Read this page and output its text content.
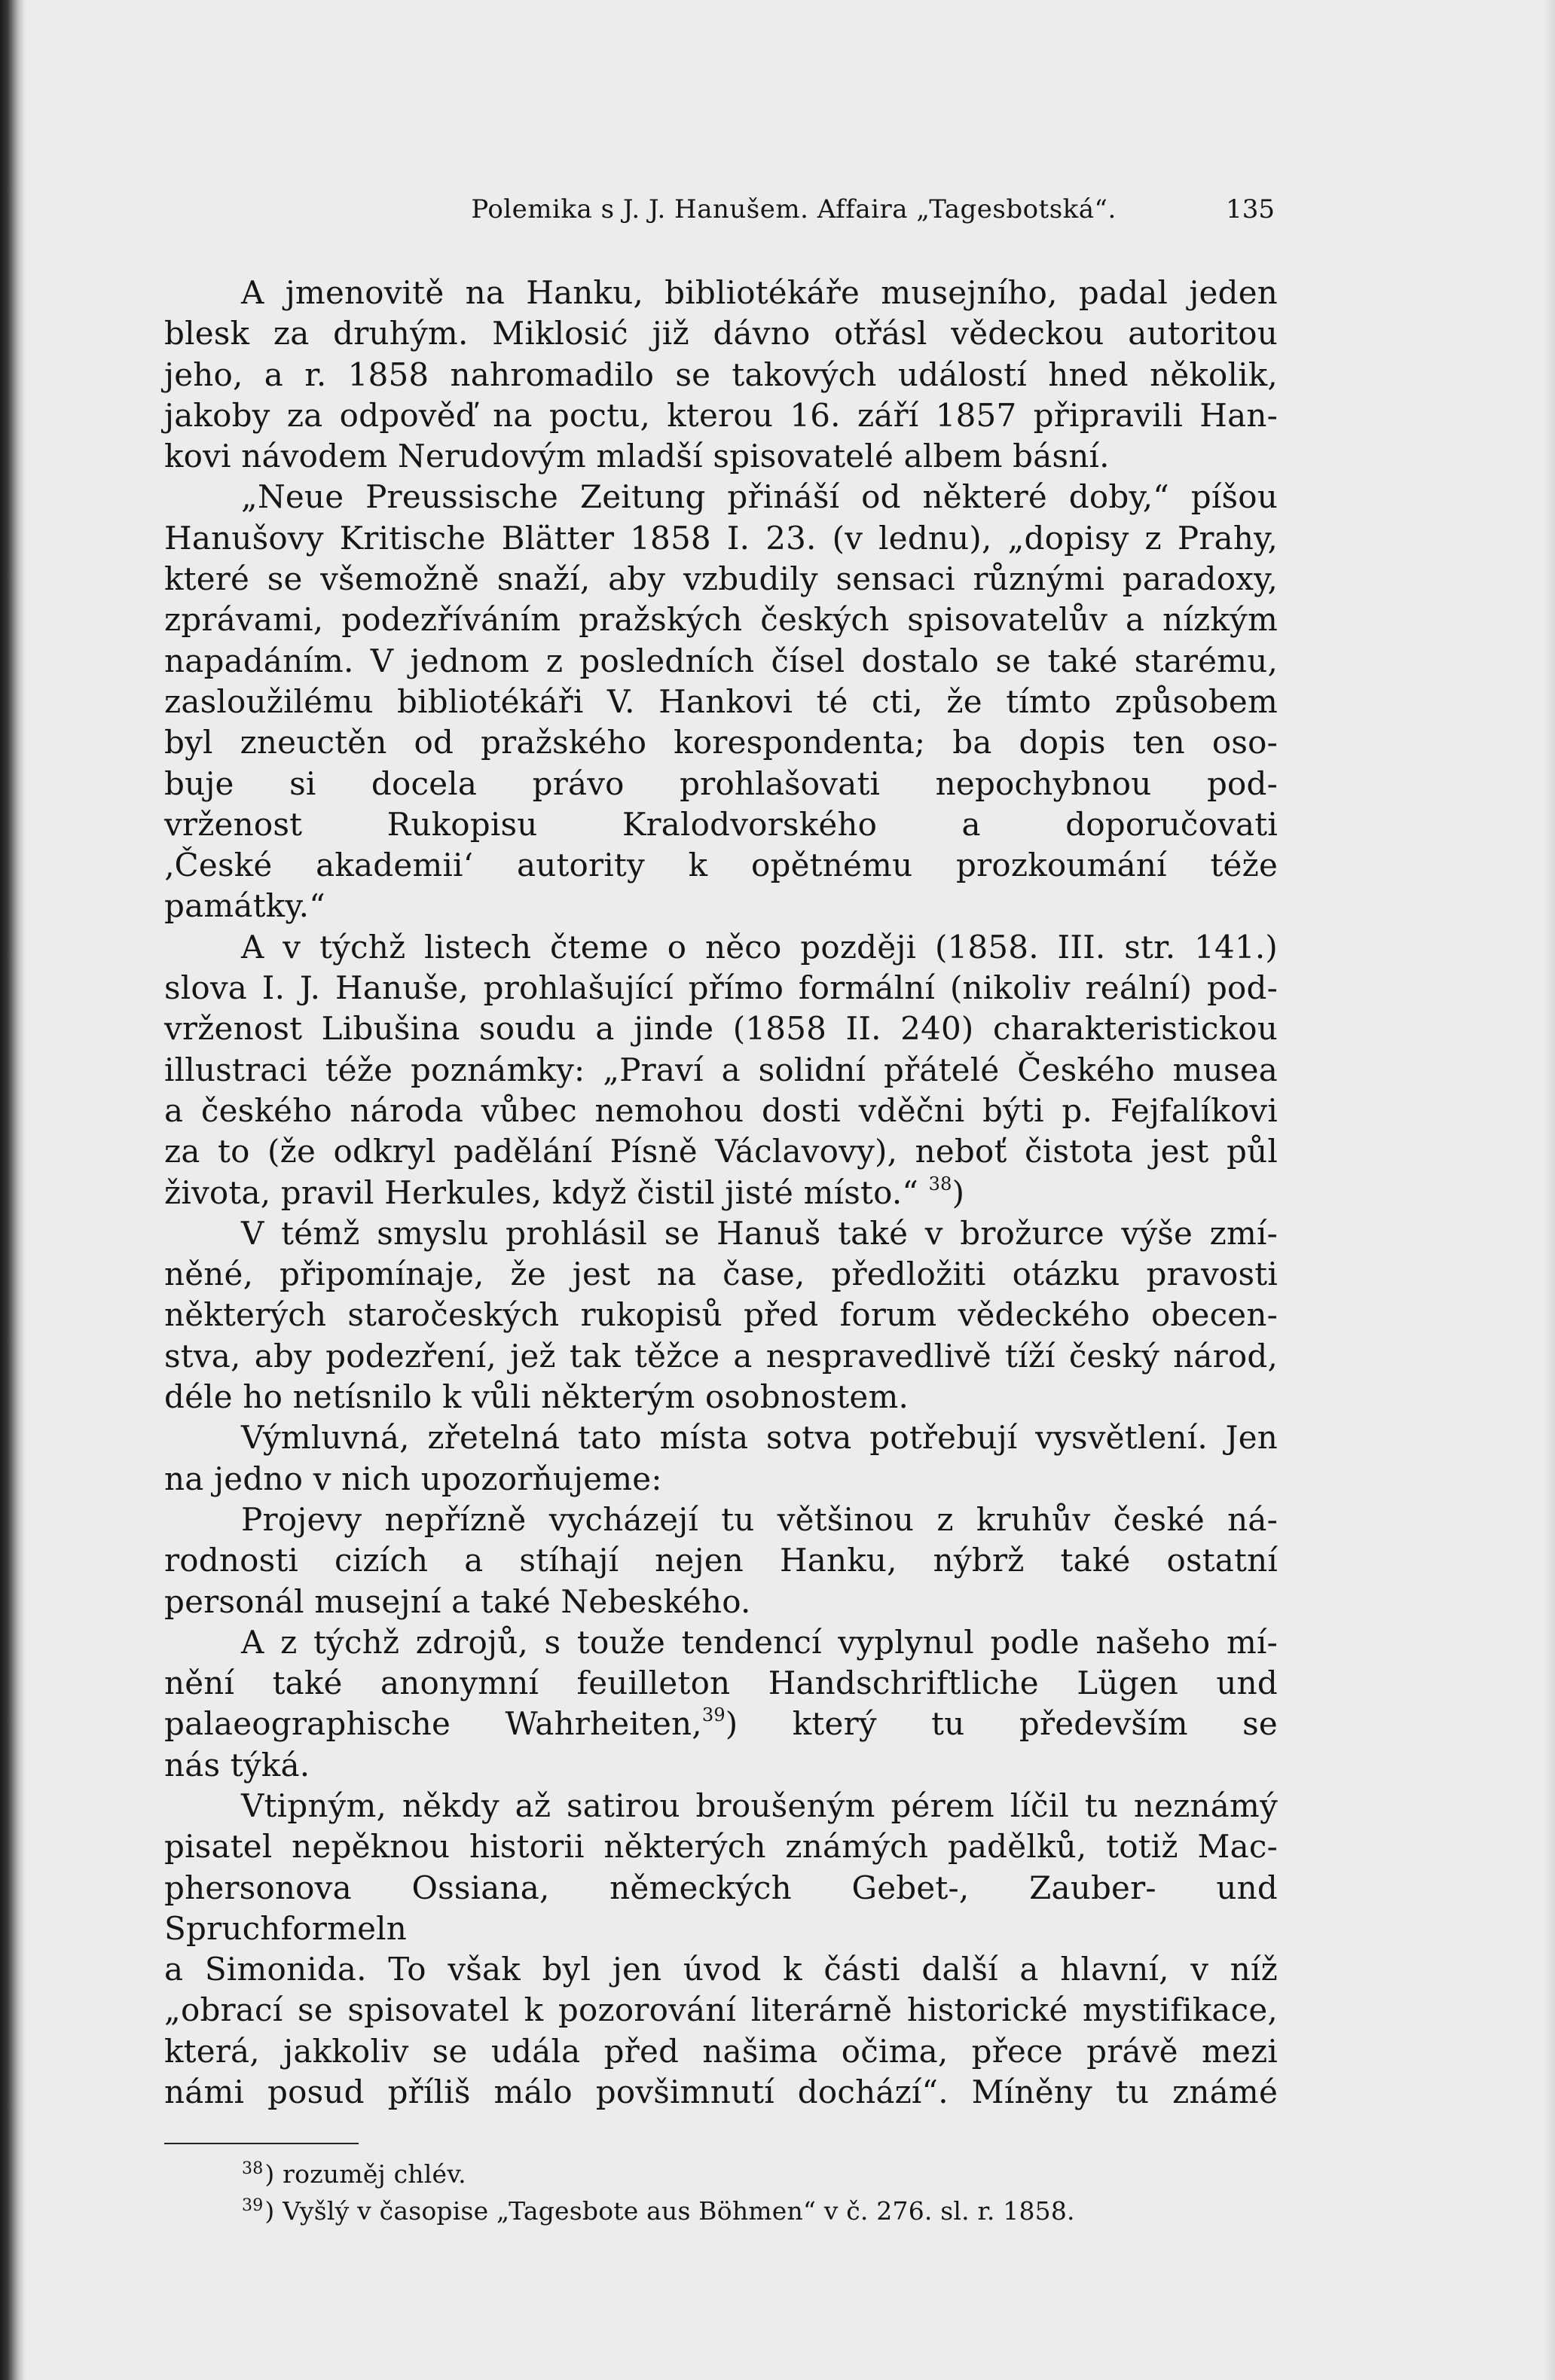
Polemika s J. J. Hanušem. Affaira „Tagesbotská“.	135

A jmenovitě na Hanku, bibliotékáře musejního, padal jeden

blesk za druhým. Miklosić již dávno otřásl vědeckou autoritou

jeho, a r. 1858 nahromadilo se takových událostí hned několik,

jakoby za odpověď na poctu, kterou 16. září 1857 připravili Han-

kovi návodem Nerudovým mladší spisovatelé albem básní.

„Neue Preussische Zeitung přináší od některé doby,“ píšou

Hanušovy Kritische Blätter 1858 I. 23. (v lednu), „dopisy z Prahy,

které se všemožně snaží, aby vzbudily sensaci různými paradoxy,

zprávami, podezříváním pražských českých spisovatelův a nízkým

napadáním. V jednom z posledních čísel dostalo se také starému,

zasloužilému bibliotékáři V. Hankovi té cti, že tímto způsobem

byl zneuctěn od pražského korespondenta; ba dopis ten oso-

buje si docela právo prohlašovati nepochybnou pod-

vrženost Rukopisu Kralodvorského a doporučovati

‚České akademii‘ autority k opětnému prozkoumání téže

památky.“

A v týchž listech čteme o něco později (1858. III. str. 141.)

slova I. J. Hanuše, prohlašující přímo formální (nikoliv reální) pod-

vrženost Libušina soudu a jinde (1858 II. 240) charakteristickou

illustraci téže poznámky: „Praví a solidní přátelé Českého musea

a českého národa vůbec nemohou dosti vděčni býti p. Fejfalíkovi

za to (že odkryl padělání Písně Václavovy), neboť čistota jest půl

života, pravil Herkules, když čistil jisté místo.“ $^{38}$)

V témž smyslu prohlásil se Hanuš také v brožurce výše zmí-

něné, připomínaje, že jest na čase, předložiti otázku pravosti

některých staročeských rukopisů před forum vědeckého obecen-

stva, aby podezření, jež tak těžce a nespravedlivě tíží český národ,

déle ho netísnilo k vůli některým osobnostem.

Výmluvná, zřetelná tato místa sotva potřebují vysvětlení. Jen

na jedno v nich upozorňujeme:

Projevy nepřízně vycházejí tu většinou z kruhův české ná-

rodnosti cizích a stíhají nejen Hanku, nýbrž také ostatní

personál musejní a také Nebeského.

A z týchž zdrojů, s touže tendencí vyplynul podle našeho mí-

nění také anonymní feuilleton Handschriftliche Lügen und

palaeographische Wahrheiten,$^{39}$) který tu především se

nás týká.

Vtipným, někdy až satirou broušeným pérem líčil tu neznámý

pisatel nepěknou historii některých známých padělků, totiž Mac-

phersonova Ossiana, německých Gebet-, Zauber- und Spruchformeln

a Simonida. To však byl jen úvod k části další a hlavní, v níž

„obrací se spisovatel k pozorování literárně historické mystifikace,

která, jakkoliv se udála před našima očima, přece právě mezi

námi posud příliš málo povšimnutí dochází“. Míněny tu známé

$^{38}$) rozuměj chlév.
$^{39}$) Vyšlý v časopise „Tagesbote aus Böhmen“ v č. 276. sl. r. 1858.
